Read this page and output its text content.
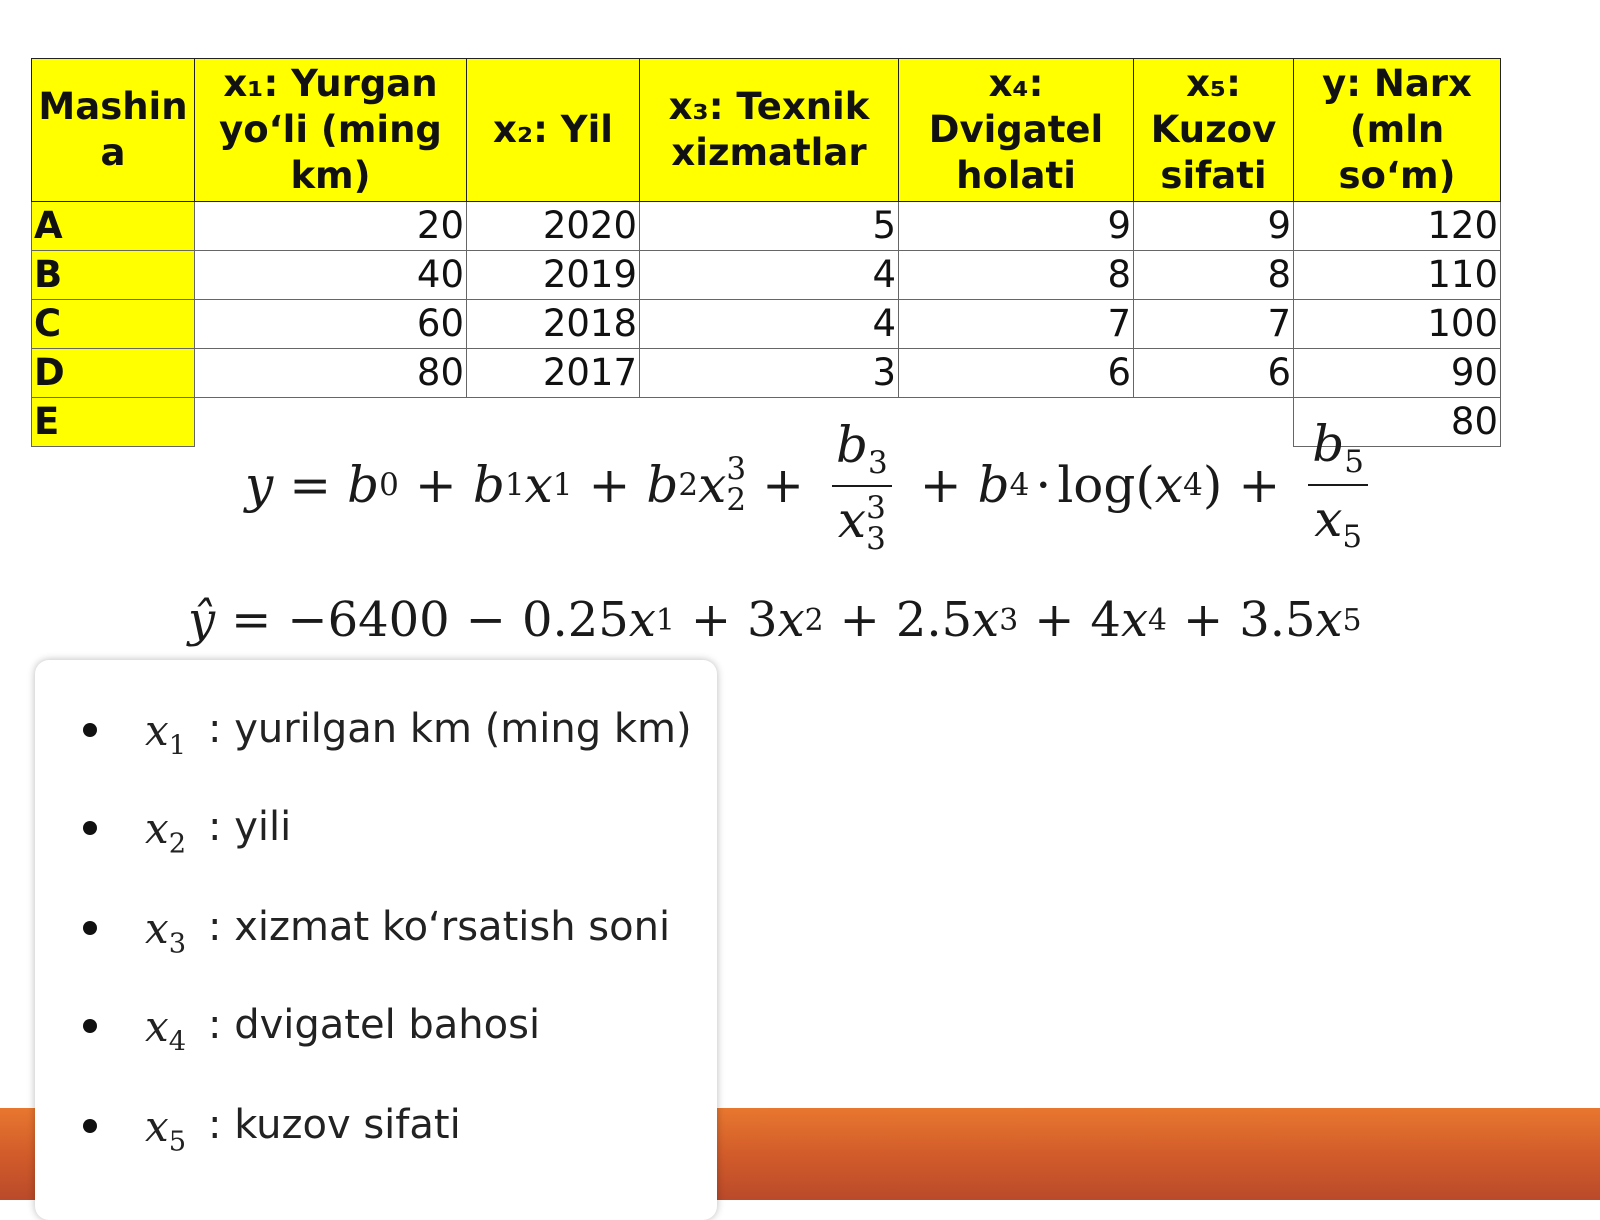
Mashin a	x₁: Yurgan yo‘li (ming km)	x₂: Yil	x₃: Texnik xizmatlar	x₄: Dvigatel holati	x₅: Kuzov sifati	y: Narx (mln so‘m)
A	20	2020	5	9	9	120
B	40	2019	4	8	8	110
C	60	2018	4	7	7	100
D	80	2017	3	6	6	90
E						80
y = b 0 + b 1 x 1 + b 2 x 3
$2 + b_3$
x 3
3 + b 4 · log( x 4 ) + $\frac{b_5}{x_5}$
ŷ = −6400 − 0.25 x 1 + 3 x 2 + 2.5 x 3 + 4 x 4 + 3.5 x 5
$x_1$ : yurilgan km (ming km)
$x_2$ : yili
$x_3$ : xizmat ko‘rsatish soni
$x_4$ : dvigatel bahosi
$x_5$ : kuzov sifati
